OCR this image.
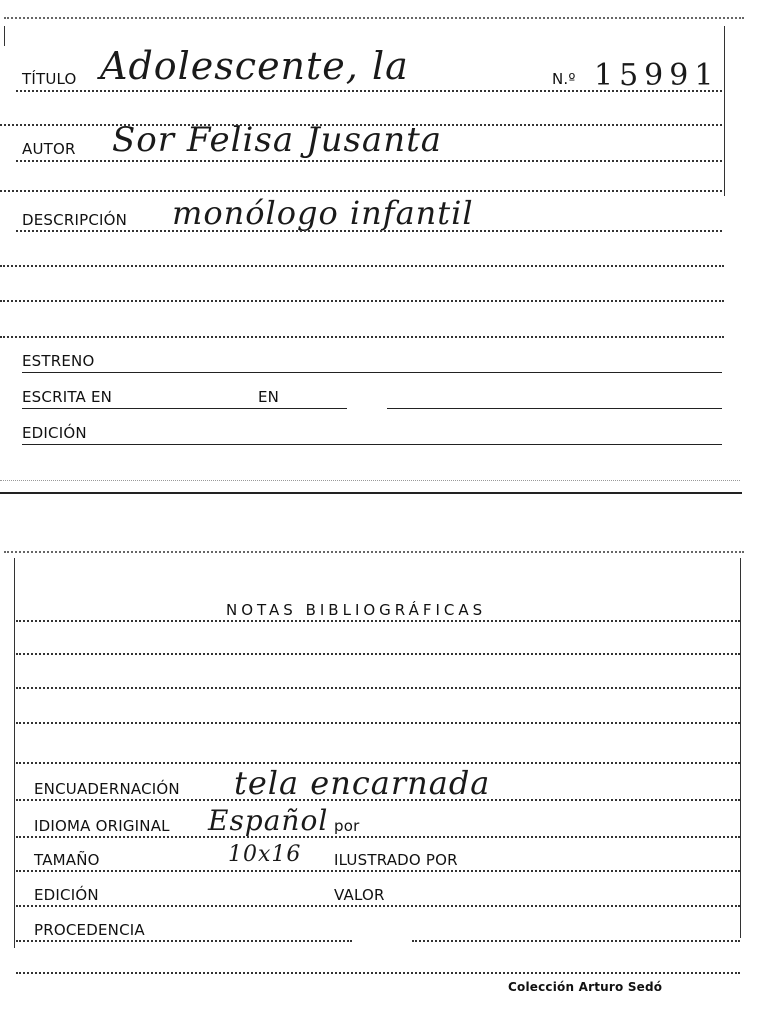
TÍTULO Adolescente, la	N.º 15991
AUTOR Sor Felisa Jusanta
DESCRIPCIÓN monólogo infantil
ESTRENO
ESCRITA EN	EN
EDICIÓN
NOTAS BIBLIOGRÁFICAS
ENCUADERNACIÓN tela encarnada
IDIOMA ORIGINAL Español por
TAMAÑO	10x16 ILUSTRADO POR
EDICIÓN	VALOR
PROCEDENCIA
Colección Arturo Sedó
